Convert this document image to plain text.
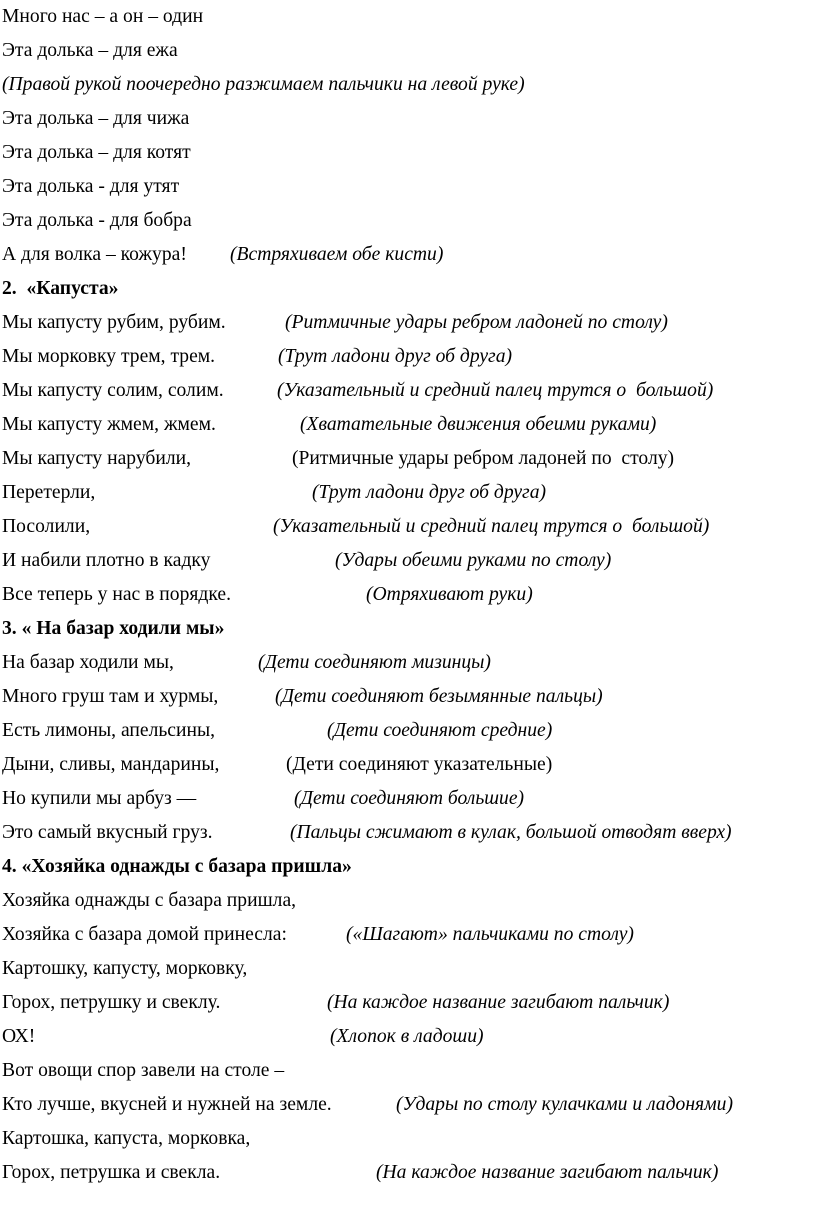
Много нас – а он – один
Эта долька – для ежа
(Правой рукой поочередно разжимаем пальчики на левой руке)
Эта долька – для чижа
Эта долька – для котят
Эта долька - для утят
Эта долька - для бобра
А для волка – кожура! (Встряхиваем обе кисти)
2.  «Капуста»
Мы капусту рубим, рубим.	(Ритмичные удары ребром ладоней по столу)
Мы морковку трем, трем.	(Трут ладони друг об друга)
Мы капусту солим, солим.	(Указательный и средний палец трутся о  большой)
Мы капусту жмем, жмем.	(Хватательные движения обеими руками)
Мы капусту нарубили,	(Ритмичные удары ребром ладоней по  столу)
Перетерли,	(Трут ладони друг об друга)
Посолили,	(Указательный и средний палец трутся о  большой)
И набили плотно в кадку	(Удары обеими руками по столу)
Все теперь у нас в порядке.	(Отряхивают руки)
3. « На базар ходили мы»
На базар ходили мы,	(Дети соединяют мизинцы)
Много груш там и хурмы,	(Дети соединяют безымянные пальцы)
Есть лимоны, апельсины,	(Дети соединяют средние)
Дыни, сливы, мандарины,	(Дети соединяют указательные)
Но купили мы арбуз —	(Дети соединяют большие)
Это самый вкусный груз.	(Пальцы сжимают в кулак, большой отводят вверх)
4. «Хозяйка однажды с базара пришла»
Хозяйка однажды с базара пришла,
Хозяйка с базара домой принесла:	(«Шагают» пальчиками по столу)
Картошку, капусту, морковку,
Горох, петрушку и свеклу.	(На каждое название загибают пальчик)
ОХ!	(Хлопок в ладоши)
Вот овощи спор завели на столе –
Кто лучше, вкусней и нужней на земле.	(Удары по столу кулачками и ладонями)
Картошка, капуста, морковка,
Горох, петрушка и свекла.	(На каждое название загибают пальчик)
